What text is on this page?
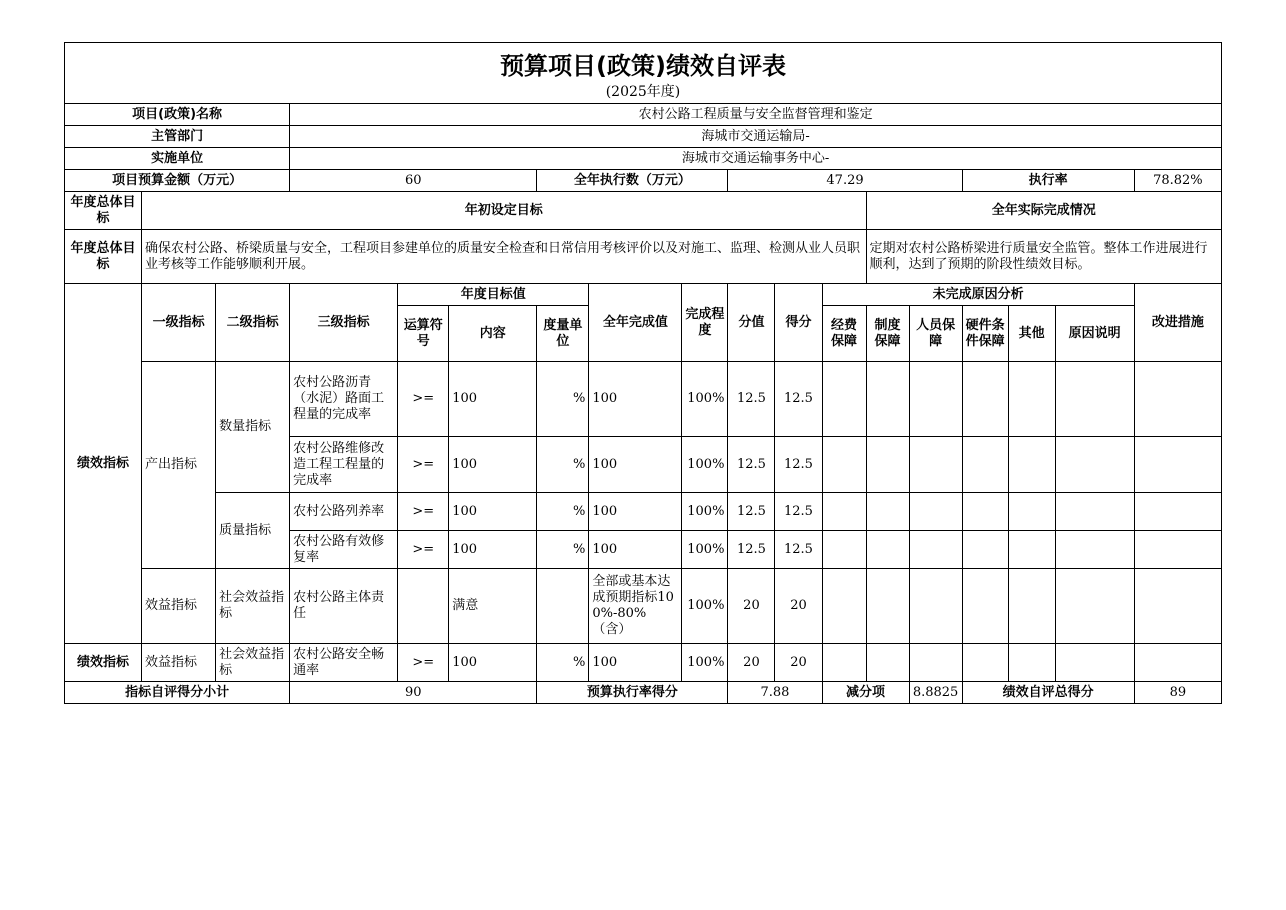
预算项目(政策)绩效自评表
(2025年度)																	

项目(政策)名称			农村公路工程质量与安全监督管理和鉴定														
主管部门			海城市交通运输局-														
实施单位			海城市交通运输事务中心-														
项目预算金额（万元）			60			全年执行数（万元）			47.29					执行率			78.82%
年度总体目标	年初设定目标											全年实际完成情况					
年度总体目标	确保农村公路、桥梁质量与安全，工程项目参建单位的质量安全检查和日常信用考核评价以及对施工、监理、检测从业人员职业考核等工作能够顺利开展。											定期对农村公路桥梁进行质量安全监管。整体工作进展进行顺利，达到了预期的阶段性绩效目标。					
绩效指标	一级指标	二级指标	三级指标	年度目标值			全年完成值	完成程度	分值	得分	未完成原因分析						改进措施
				运算符号	内容	度量单位					经费保障	制度保障	人员保障	硬件条件保障	其他	原因说明	
	产出指标	数量指标	农村公路沥青（水泥）路面工程量的完成率	>=	100	%	100	100%	12.5	12.5							
			农村公路维修改造工程工程量的完成率	>=	100	%	100	100%	12.5	12.5							
		质量指标	农村公路列养率	>=	100	%	100	100%	12.5	12.5							
			农村公路有效修复率	>=	100	%	100	100%	12.5	12.5							
	效益指标	社会效益指标	农村公路主体责任		满意		全部或基本达成预期指标100%-80%（含）	100%	20	20							
绩效指标	效益指标	社会效益指标	农村公路安全畅通率	>=	100	%	100	100%	20	20							
指标自评得分小计			90			预算执行率得分			7.88		减分项		8.8825	绩效自评总得分			89
